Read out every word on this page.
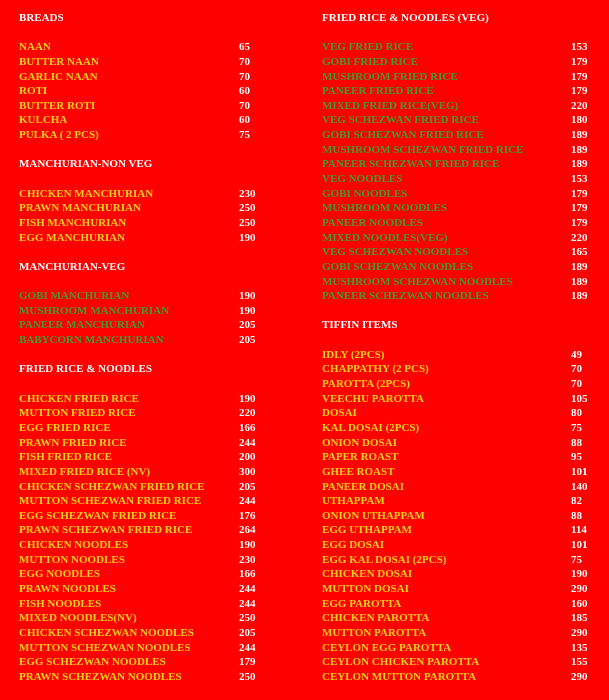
BREADS
NAAN	65
BUTTER NAAN	70
GARLIC NAAN	70
ROTI	60
BUTTER ROTI	70
KULCHA	60
PULKA ( 2 PCS)	75
MANCHURIAN-NON VEG
CHICKEN MANCHURIAN	230
PRAWN MANCHURIAN	250
FISH MANCHURIAN	250
EGG MANCHURIAN	190
MANCHURIAN-VEG
GOBI MANCHURIAN	190
MUSHROOM MANCHURIAN	190
PANEER MANCHURIAN	205
BABYCORN MANCHURIAN	205
FRIED RICE & NOODLES
CHICKEN FRIED RICE	190
MUTTON FRIED RICE	220
EGG FRIED RICE	166
PRAWN FRIED RICE	244
FISH FRIED RICE	200
MIXED FRIED RICE (NV)	300
CHICKEN SCHEZWAN FRIED RICE	205
MUTTON SCHEZWAN FRIED RICE	244
EGG SCHEZWAN FRIED RICE	176
PRAWN SCHEZWAN FRIED RICE	264
CHICKEN NOODLES	190
MUTTON NOODLES	230
EGG NOODLES	166
PRAWN NOODLES	244
FISH NOODLES	244
MIXED NOODLES(NV)	250
CHICKEN SCHEZWAN NOODLES	205
MUTTON SCHEZWAN NOODLES	244
EGG SCHEZWAN NOODLES	179
PRAWN SCHEZWAN NOODLES	250
FRIED RICE & NOODLES (VEG)
VEG FRIED RICE	153
GOBI FRIED RICE	179
MUSHROOM FRIED RICE	179
PANEER FRIED RICE	179
MIXED FRIED RICE(VEG)	220
VEG SCHEZWAN FRIED RICE	180
GOBI SCHEZWAN FRIED RICE	189
MUSHROOM SCHEZWAN FRIED RICE	189
PANEER SCHEZWAN FRIED RICE	189
VEG NOODLES	153
GOBI NOODLES	179
MUSHROOM NOODLES	179
PANEER NOODLES	179
MIXED NOODLES(VEG)	220
VEG SCHEZWAN NOODLES	165
GOBI SCHEZWAN NOODLES	189
MUSHROOM SCHEZWAN NOODLES	189
PANEER SCHEZWAN NOODLES	189
TIFFIN ITEMS
IDLY (2PCS)	49
CHAPPATHY (2 PCS)	70
PAROTTA (2PCS)	70
VEECHU PAROTTA	105
DOSAI	80
KAL DOSAI (2PCS)	75
ONION DOSAI	88
PAPER ROAST	95
GHEE ROAST	101
PANEER DOSAI	140
UTHAPPAM	82
ONION UTHAPPAM	88
EGG UTHAPPAM	114
EGG DOSAI	101
EGG KAL DOSAI (2PCS)	75
CHICKEN DOSAI	190
MUTTON DOSAI	290
EGG PAROTTA	160
CHICKEN PAROTTA	185
MUTTON PAROTTA	290
CEYLON EGG PAROTTA	135
CEYLON CHICKEN PAROTTA	155
CEYLON MUTTON PAROTTA	290
